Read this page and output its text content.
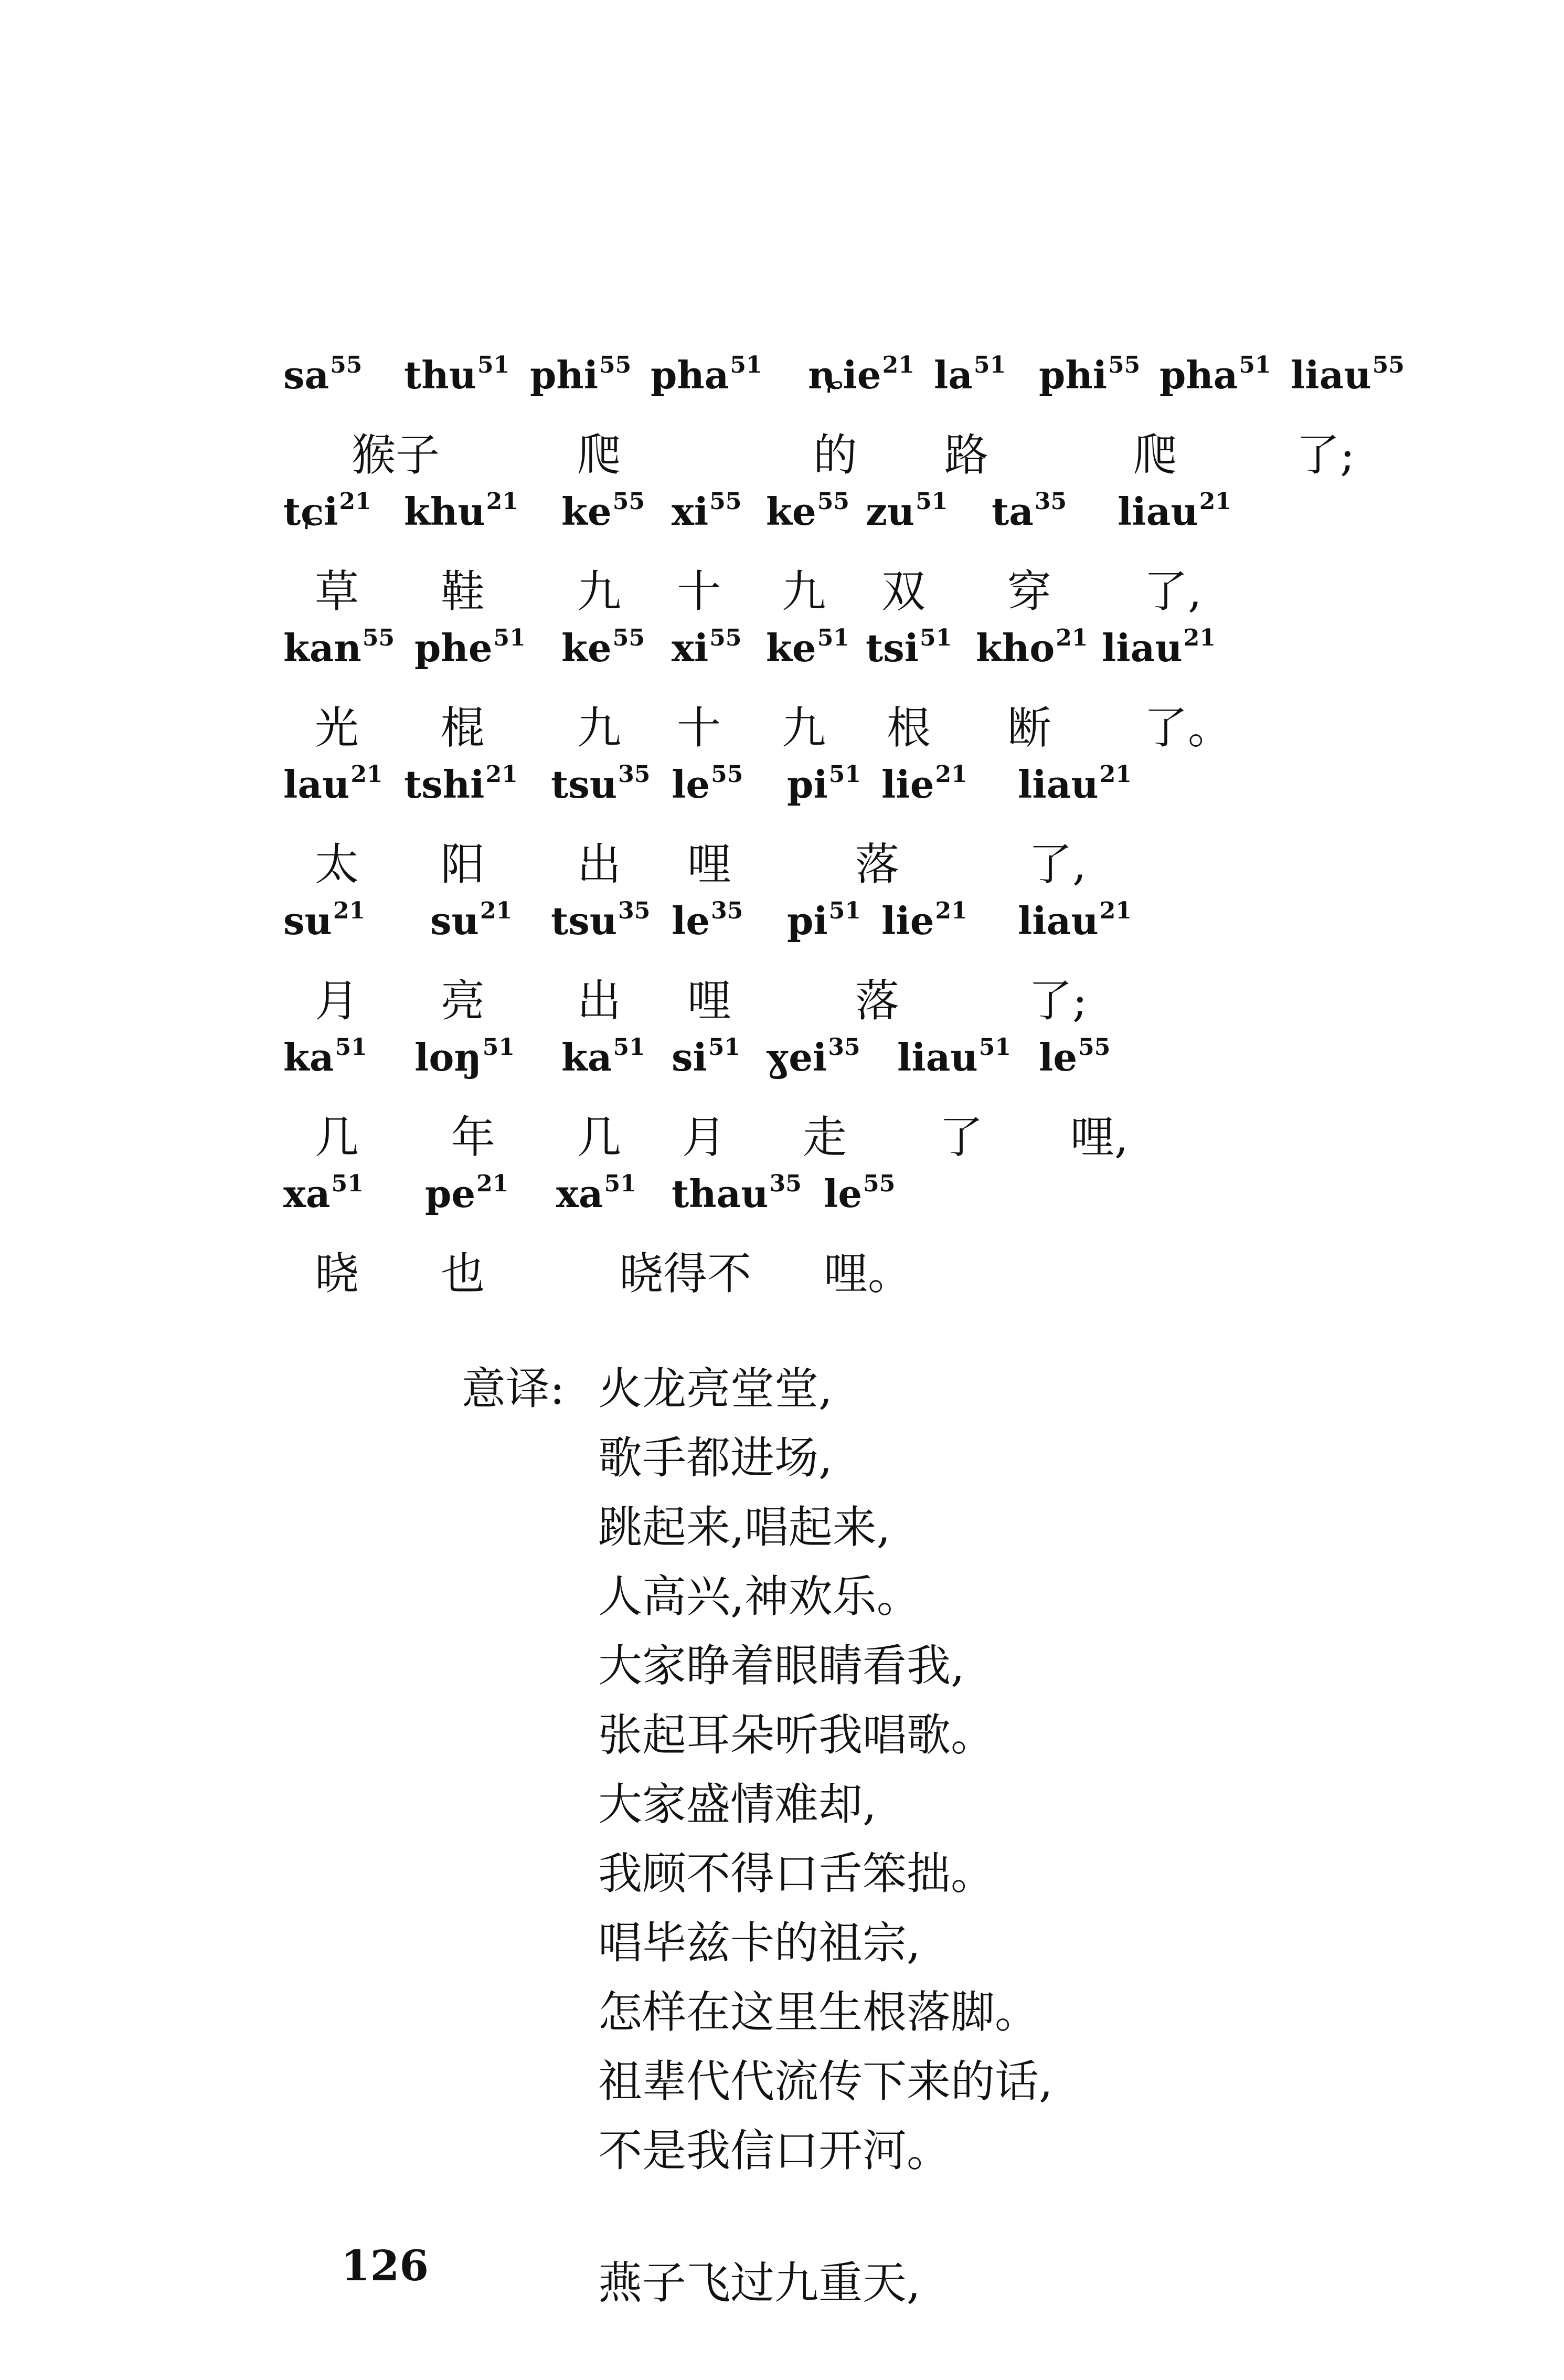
$sa^{55}$ thu$^{51}$ phi$^{55}$ pha$^{51}$ ȵie$^{21}$ $la^{51}$ phi$^{55}$ pha$^{51}$ liau$^{55}$
猴子	爬	的 路	爬	了;
tɕi$^{21}$ khu$^{21}$ $ke^{55}$ $xi^{55}$ $ke^{55}$ $zu^{51}$ $ta^{35}$ liau$^{21}$
草 鞋 九 十 九 双 穿 了,
kan$^{55}$ phe$^{51}$ $ke^{55}$ $xi^{55}$ $ke^{51}$ tsi$^{51}$ kho$^{21}$ liau$^{21}$
光 棍 九 十 九 根 断 了。
lau$^{21}$ tshi$^{21}$ tsu$^{35}$ $le^{55}$ $pi^{51}$ lie$^{21}$ liau$^{21}$
太 阳 出 哩	落	了,
$su^{21}$ $su^{21}$ tsu$^{35}$ $le^{35}$ $pi^{51}$ lie$^{21}$ liau$^{21}$
月 亮 出 哩	落	了;
$ka^{51}$ loŋ$^{51}$ $ka^{51}$ $si^{51}$ ɣei$^{35}$ liau$^{51}$ $le^{55}$
几 年 几 月 走 了 哩,
$xa^{51}$ $pe^{21}$ $xa^{51}$ thau$^{35}$ $le^{55}$
晓 也	晓得不 哩。
意译: 火龙亮堂堂,
歌手都进场,
跳起来,唱起来,
人高兴,神欢乐。
大家睁着眼睛看我,
张起耳朵听我唱歌。
大家盛情难却,
我顾不得口舌笨拙。
唱毕兹卡的祖宗,
怎样在这里生根落脚。
祖辈代代流传下来的话,
不是我信口开河。
燕子飞过九重天,
126
